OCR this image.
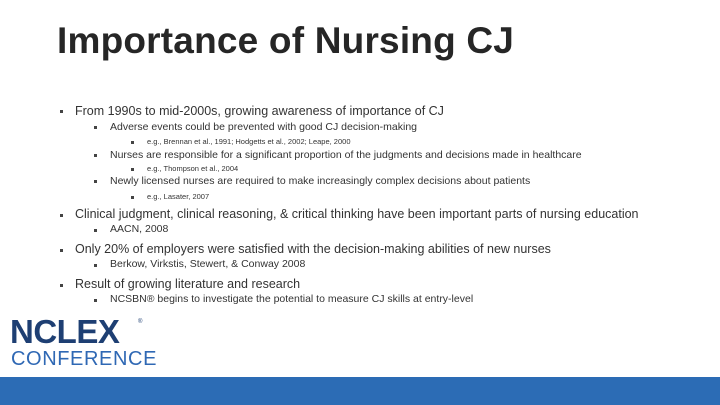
Importance of Nursing CJ
From 1990s to mid-2000s, growing awareness of importance of CJ
Adverse events could be prevented with good CJ decision-making
e.g., Brennan et al., 1991; Hodgetts et al., 2002; Leape, 2000
Nurses are responsible for a significant proportion of the judgments and decisions made in healthcare
e.g., Thompson et al., 2004
Newly licensed nurses are required to make increasingly complex decisions about patients
e.g., Lasater, 2007
Clinical judgment, clinical reasoning, & critical thinking have been important parts of nursing education
AACN, 2008
Only 20% of employers were satisfied with the decision-making abilities of new nurses
Berkow, Virkstis, Stewert, & Conway 2008
Result of growing literature and research
NCSBN® begins to investigate the potential to measure CJ skills at entry-level
NCLEX	®
CONFERENCE
